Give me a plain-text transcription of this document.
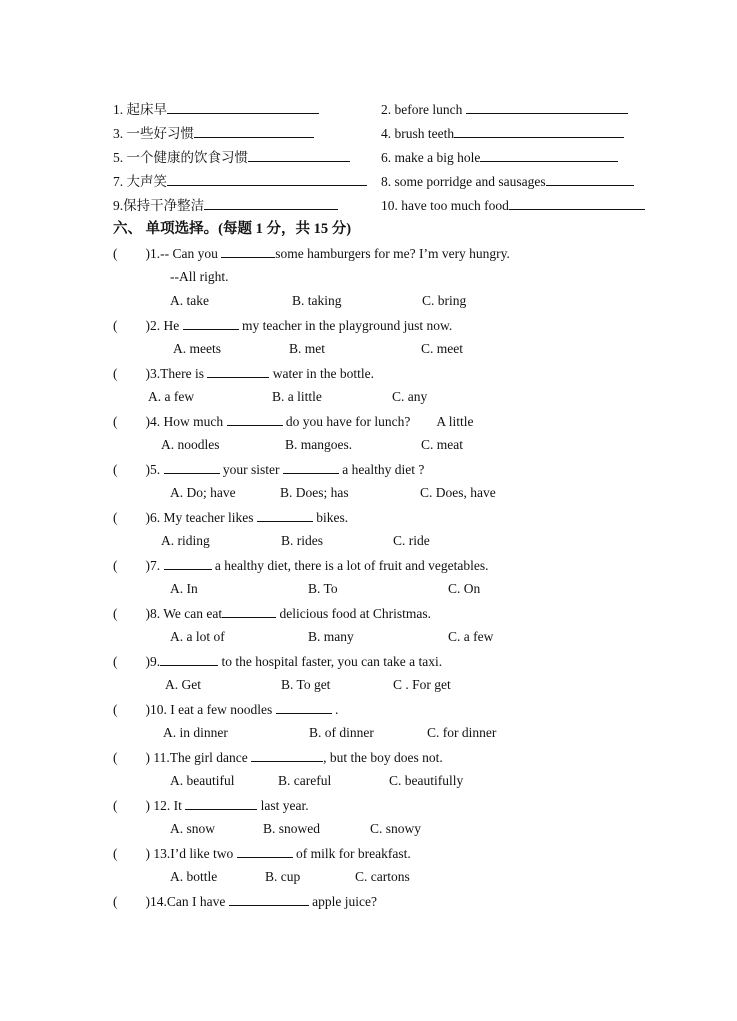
1. 起床早	2. before lunch
3. 一些好习惯	4. brush teeth
5. 一个健康的饮食习惯	6. make a big hole
7. 大声笑	8. some porridge and sausages
9.保持干净整洁	10. have too much food
六、 单项选择。(每题 1 分，共 15 分)
( )1.-- Can you	some hamburgers for me? I’m very hungry.
--All right.
A. take	B. taking	C. bring
( )2. He	my teacher in the playground just now.
A. meets	B. met	C. meet
( )3.There is	water in the bottle.
A. a few	B. a little	C. any
( )4. How much	do you have for lunch? A little
A. noodles	B. mangoes.	C. meat
( )5.	your sister	a healthy diet ?
A. Do; have	B. Does; has	C. Does, have
( )6. My teacher likes	bikes.
A. riding	B. rides	C. ride
( )7.	a healthy diet, there is a lot of fruit and vegetables.
A. In	B. To	C. On
( )8. We can eat	delicious food at Christmas.
A. a lot of	B. many	C. a few
( )9.	to the hospital faster, you can take a taxi.
A. Get	B. To get	C . For get
( )10. I eat a few noodles	.
A. in dinner	B. of dinner	C. for dinner
( ) 11.The girl dance	, but the boy does not.
A. beautiful	B. careful	C. beautifully
( ) 12. It	last year.
A. snow	B. snowed	C. snowy
( ) 13.I’d like two	of milk for breakfast.
A. bottle	B. cup	C. cartons
( )14.Can I have	apple juice?
